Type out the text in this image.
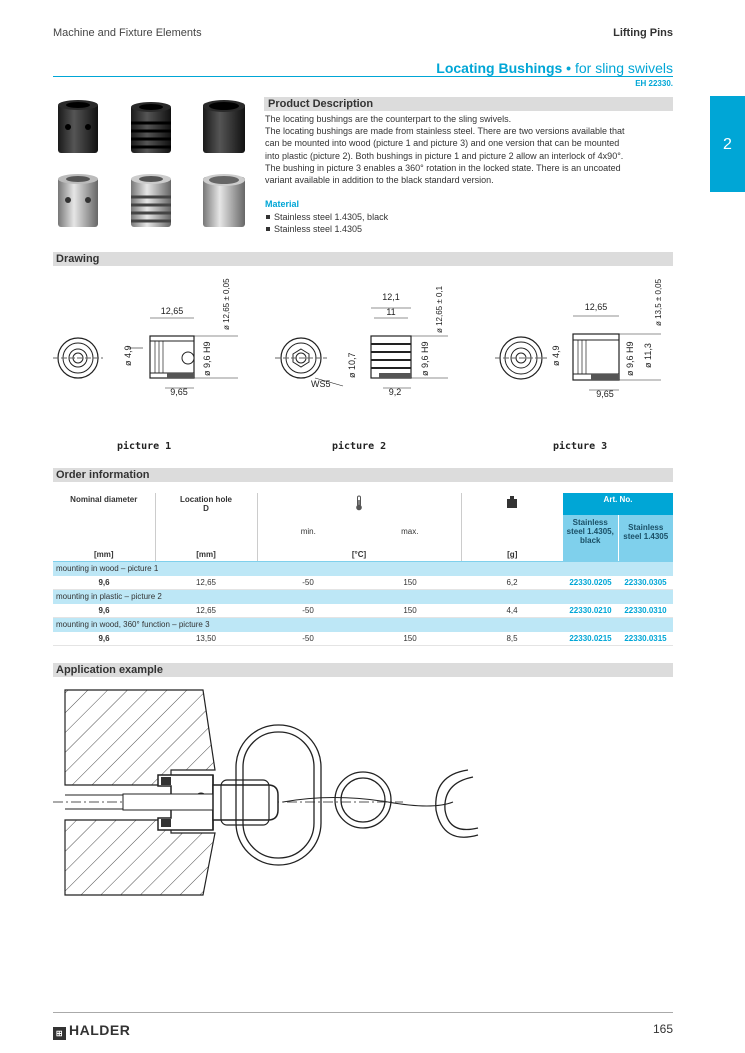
Machine and Fixture Elements	Lifting Pins
Locating Bushings • for sling swivels
EH 22330.
2
Product Description
The locating bushings are the counterpart to the sling swivels.
The locating bushings are made from stainless steel. There are two versions available that
can be mounted into wood (picture 1 and picture 3) and one version that can be mounted
into plastic (picture 2). Both bushings in picture 1 and picture 2 allow an interlock of 4x90°.
The bushing in picture 3 enables a 360° rotation in the locked state. There is an uncoated
variant available in addition to the black standard version.
Material
Stainless steel 1.4305, black
Stainless steel 1.4305
Drawing
12,65	ø 12,65 ± 0,05
ø 4,9	ø 9,6 H9
9,65
12,1
11	ø 12,65 ± 0,1
ø 10,7	ø 9,6 H9
WS5
9,2
12,65	ø 13,5 ± 0,05
ø 4,9	ø 9,6 H9 ø 11,3
9,65
picture 1	picture 2	picture 3
Order information
Nominal diameter	Location hole
D				Art. No.	
		min.	max.		Stainless steel 1.4305, black	Stainless steel 1.4305
[mm]	[mm]	[°C]		[g]		
mounting in wood – picture 1						
9,6	12,65	-50	150	6,2	22330.0205	22330.0305
mounting in plastic – picture 2						
9,6	12,65	-50	150	4,4	22330.0210	22330.0310
mounting in wood, 360° function – picture 3						
9,6	13,50	-50	150	8,5	22330.0215	22330.0315
Application example
⊞ HALDER	165
